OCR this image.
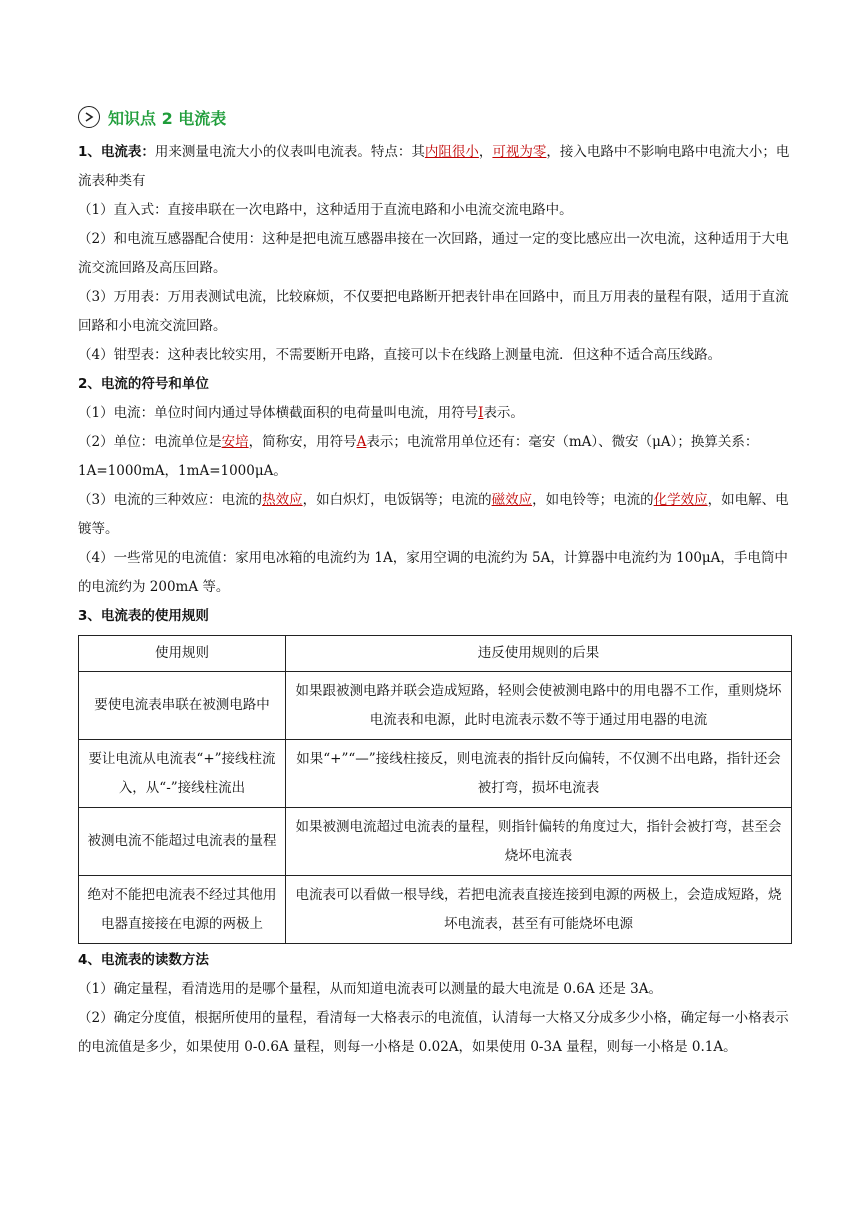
知识点 2 电流表

1、电流表：用来测量电流大小的仪表叫电流表。特点：其内阻很小，可视为零，接入电路中不影响电路中电流大小；电流表种类有

（1）直入式：直接串联在一次电路中，这种适用于直流电路和小电流交流电路中。

（2）和电流互感器配合使用：这种是把电流互感器串接在一次回路，通过一定的变比感应出一次电流，这种适用于大电流交流回路及高压回路。

（3）万用表：万用表测试电流，比较麻烦，不仅要把电路断开把表针串在回路中，而且万用表的量程有限，适用于直流回路和小电流交流回路。

（4）钳型表：这种表比较实用，不需要断开电路，直接可以卡在线路上测量电流．但这种不适合高压线路。

2、电流的符号和单位

（1）电流：单位时间内通过导体横截面积的电荷量叫电流，用符号I表示。

（2）单位：电流单位是安培，简称安，用符号A表示；电流常用单位还有：毫安（mA）、微安（μA）；换算关系：1A=1000mA，1mA=1000μA。

（3）电流的三种效应：电流的热效应，如白炽灯，电饭锅等；电流的磁效应，如电铃等；电流的化学效应，如电解、电镀等。

（4）一些常见的电流值：家用电冰箱的电流约为 1A，家用空调的电流约为 5A，计算器中电流约为 100μA，手电筒中的电流约为 200mA 等。

3、电流表的使用规则

使用规则	违反使用规则的后果
要使电流表串联在被测电路中	如果跟被测电路并联会造成短路，轻则会使被测电路中的用电器不工作，重则烧坏电流表和电源，此时电流表示数不等于通过用电器的电流
要让电流从电流表“+”接线柱流入，从“-”接线柱流出	如果“+”“—”接线柱接反，则电流表的指针反向偏转，不仅测不出电路，指针还会被打弯，损坏电流表
被测电流不能超过电流表的量程	如果被测电流超过电流表的量程，则指针偏转的角度过大，指针会被打弯，甚至会烧坏电流表
绝对不能把电流表不经过其他用电器直接接在电源的两极上	电流表可以看做一根导线，若把电流表直接连接到电源的两极上，会造成短路，烧坏电流表，甚至有可能烧坏电源

4、电流表的读数方法

（1）确定量程，看清选用的是哪个量程，从而知道电流表可以测量的最大电流是 0.6A 还是 3A。

（2）确定分度值，根据所使用的量程，看清每一大格表示的电流值，认清每一大格又分成多少小格，确定每一小格表示的电流值是多少，如果使用 0-0.6A 量程，则每一小格是 0.02A，如果使用 0-3A 量程，则每一小格是 0.1A。
